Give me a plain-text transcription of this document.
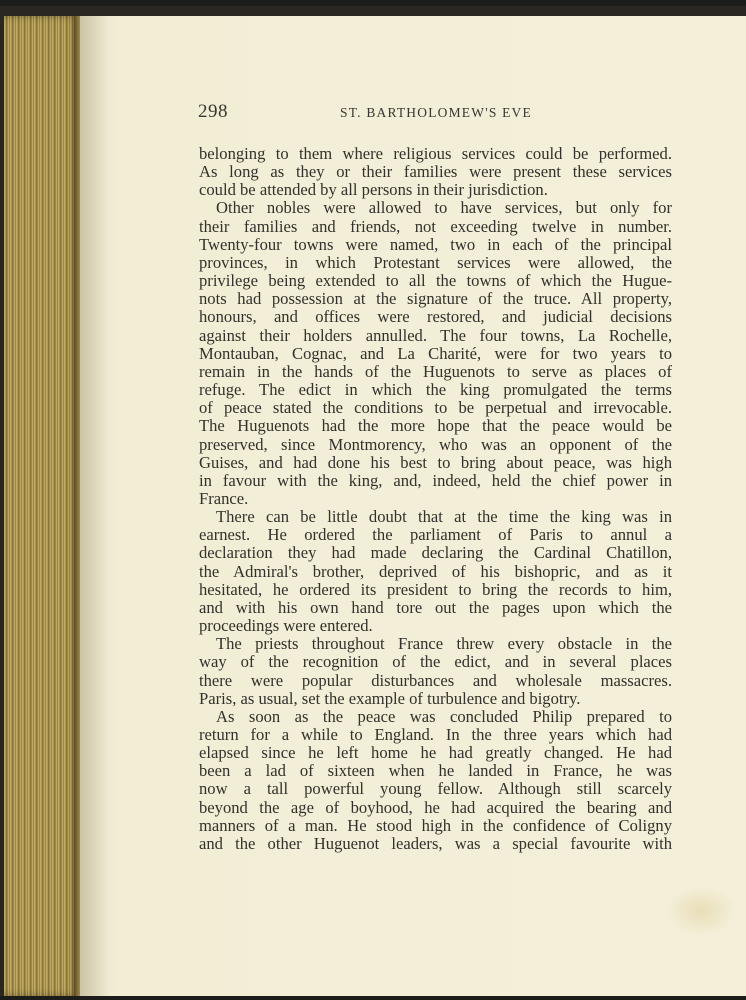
298	ST. BARTHOLOMEW'S EVE

belonging to them where religious services could be performed.
As long as they or their families were present these services
could be attended by all persons in their jurisdiction.

Other nobles were allowed to have services, but only for
their families and friends, not exceeding twelve in number.
Twenty-four towns were named, two in each of the principal
provinces, in which Protestant services were allowed, the
privilege being extended to all the towns of which the Hugue-
nots had possession at the signature of the truce. All property,
honours, and offices were restored, and judicial decisions
against their holders annulled. The four towns, La Rochelle,
Montauban, Cognac, and La Charité, were for two years to
remain in the hands of the Huguenots to serve as places of
refuge. The edict in which the king promulgated the terms
of peace stated the conditions to be perpetual and irrevocable.
The Huguenots had the more hope that the peace would be
preserved, since Montmorency, who was an opponent of the
Guises, and had done his best to bring about peace, was high
in favour with the king, and, indeed, held the chief power in
France.

There can be little doubt that at the time the king was in
earnest. He ordered the parliament of Paris to annul a
declaration they had made declaring the Cardinal Chatillon,
the Admiral's brother, deprived of his bishopric, and as it
hesitated, he ordered its president to bring the records to him,
and with his own hand tore out the pages upon which the
proceedings were entered.

The priests throughout France threw every obstacle in the
way of the recognition of the edict, and in several places
there were popular disturbances and wholesale massacres.
Paris, as usual, set the example of turbulence and bigotry.

As soon as the peace was concluded Philip prepared to
return for a while to England. In the three years which had
elapsed since he left home he had greatly changed. He had
been a lad of sixteen when he landed in France, he was
now a tall powerful young fellow. Although still scarcely
beyond the age of boyhood, he had acquired the bearing and
manners of a man. He stood high in the confidence of Coligny
and the other Huguenot leaders, was a special favourite with
